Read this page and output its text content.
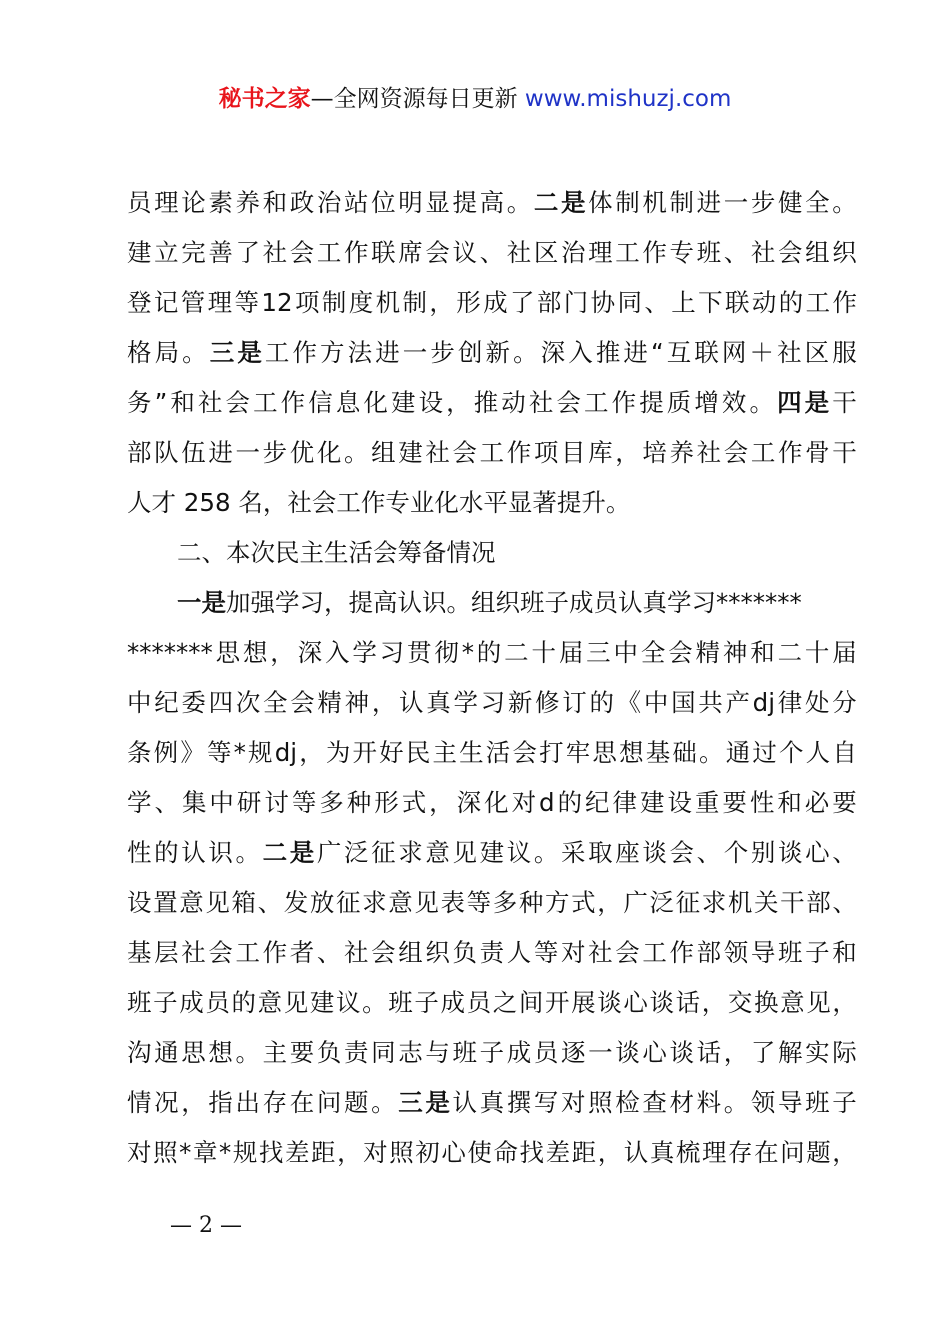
秘书之家—全网资源每日更新 www.mishuzj.com
员 理 论 素 养 和 政 治 站 位 明 显 提 高 。 二 是 体 制 机 制 进 一 步 健 全 。
建 立 完 善 了 社 会 工 作 联 席 会 议 、 社 区 治 理 工 作 专 班 、 社 会 组 织
登 记 管 理 等 12 项 制 度 机 制 ， 形 成 了 部 门 协 同 、 上 下 联 动 的 工 作
格 局 。 三 是 工 作 方 法 进 一 步 创 新 。 深 入 推 进 “ 互 联 网 ＋ 社 区 服
务 ” 和 社 会 工 作 信 息 化 建 设 ， 推 动 社 会 工 作 提 质 增 效 。 四 是 干
部 队 伍 进 一 步 优 化 。 组 建 社 会 工 作 项 目 库 ， 培 养 社 会 工 作 骨 干
人才 258 名，社会工作专业化水平显著提升。
二、本次民主生活会筹备情况
一是加强学习，提高认识。组织班子成员认真学习*******
******* 思 想 ， 深 入 学 习 贯 彻 * 的 二 十 届 三 中 全 会 精 神 和 二 十 届
中 纪 委 四 次 全 会 精 神 ， 认 真 学 习 新 修 订 的 《 中 国 共 产 dj 律 处 分
条 例 》 等 * 规 dj ， 为 开 好 民 主 生 活 会 打 牢 思 想 基 础 。 通 过 个 人 自
学 、 集 中 研 讨 等 多 种 形 式 ， 深 化 对 d 的 纪 律 建 设 重 要 性 和 必 要
性 的 认 识 。 二 是 广 泛 征 求 意 见 建 议 。 采 取 座 谈 会 、 个 别 谈 心 、
设 置 意 见 箱 、 发 放 征 求 意 见 表 等 多 种 方 式 ， 广 泛 征 求 机 关 干 部 、
基 层 社 会 工 作 者 、 社 会 组 织 负 责 人 等 对 社 会 工 作 部 领 导 班 子 和
班 子 成 员 的 意 见 建 议 。 班 子 成 员 之 间 开 展 谈 心 谈 话 ， 交 换 意 见 ，
沟 通 思 想 。 主 要 负 责 同 志 与 班 子 成 员 逐 一 谈 心 谈 话 ， 了 解 实 际
情 况 ， 指 出 存 在 问 题 。 三 是 认 真 撰 写 对 照 检 查 材 料 。 领 导 班 子
对 照 * 章 * 规 找 差 距 ， 对 照 初 心 使 命 找 差 距 ， 认 真 梳 理 存 在 问 题 ，
— 2 —
